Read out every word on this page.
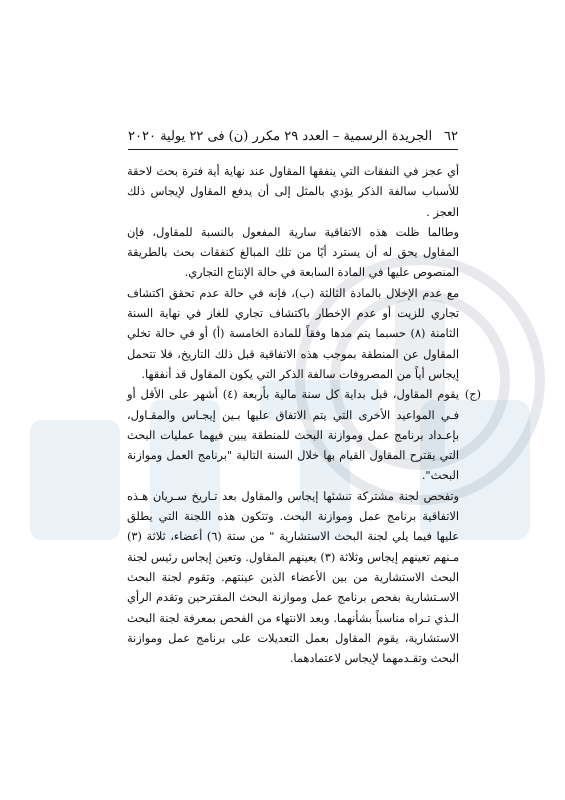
٦٢
الجريدة الرسمية – العدد ٢٩ مكرر (ن) فى ٢٢ يولية ٢٠٢٠

أي عجز في النفقات التي ينفقها المقاول عند نهاية أية فترة بحث لاحقة للأسباب سالفة الذكر يؤدي بالمثل إلى أن يدفع المقاول لإيجاس ذلك العجز .

وطالما ظلت هذه الاتفاقية سارية المفعول بالنسبة للمقاول، فإن المقاول يحق له أن يسترد أيًا من تلك المبالغ كنفقات بحث بالطريقة المنصوص عليها في المادة السابعة في حالة الإنتاج التجاري.

مع عدم الإخلال بالمادة الثالثة (ب)، فإنه في حالة عدم تحقق اكتشاف تجاري للزيت أو عدم الإخطار باكتشاف تجاري للغاز في نهاية السنة الثامنة (٨) حسبما يتم مدها وفقاً للمادة الخامسة (أ) أو في حالة تخلي المقاول عن المنطقة بموجب هذه الاتفاقية قبل ذلك التاريخ، فلا تتحمل إيجاس أياً من المصروفات سالفة الذكر التي يكون المقاول قد أنفقها.

(ج)

يقوم المقاول، قبل بداية كل سنة مالية بأربعة (٤) أشهر على الأقل أو فـي المواعيد الأخرى التي يتم الاتفاق عليها بـين إيجـاس والمقـاول، بإعـداد برنامج عمل وموازنة البحث للمنطقة يبين فيهما عمليات البحث التي يقترح المقاول القيام بها خلال السنة التالية "برنامج العمل وموازنة البحث".

وتفحص لجنة مشتركة تنشئها إيجاس والمقاول بعد تـاريخ سـريان هـذه الاتفاقية برنامج عمل وموازنة البحث. وتتكون هذه اللجنة التي يطلق عليها فيما يلي لجنة البحث الاستشارية " من ستة (٦) أعضاء، ثلاثة (٣) مـنهم تعينهم إيجاس وثلاثة (٣) يعينهم المقاول. وتعين إيجاس رئيس لجنة البحث الاستشارية من بين الأعضاء الذين عينتهم. وتقوم لجنة البحث الاسـتشارية بفحص برنامج عمل وموازنة البحث المقترحين وتقدم الرأي الـذي تـراه مناسباً بشأنهما. وبعد الانتهاء من الفحص بمعرفة لجنة البحث الاستشارية، يقوم المقاول بعمل التعديلات على برنامج عمل وموازنة البحث وتقـدمهما لإيجاس لاعتمادهما.
